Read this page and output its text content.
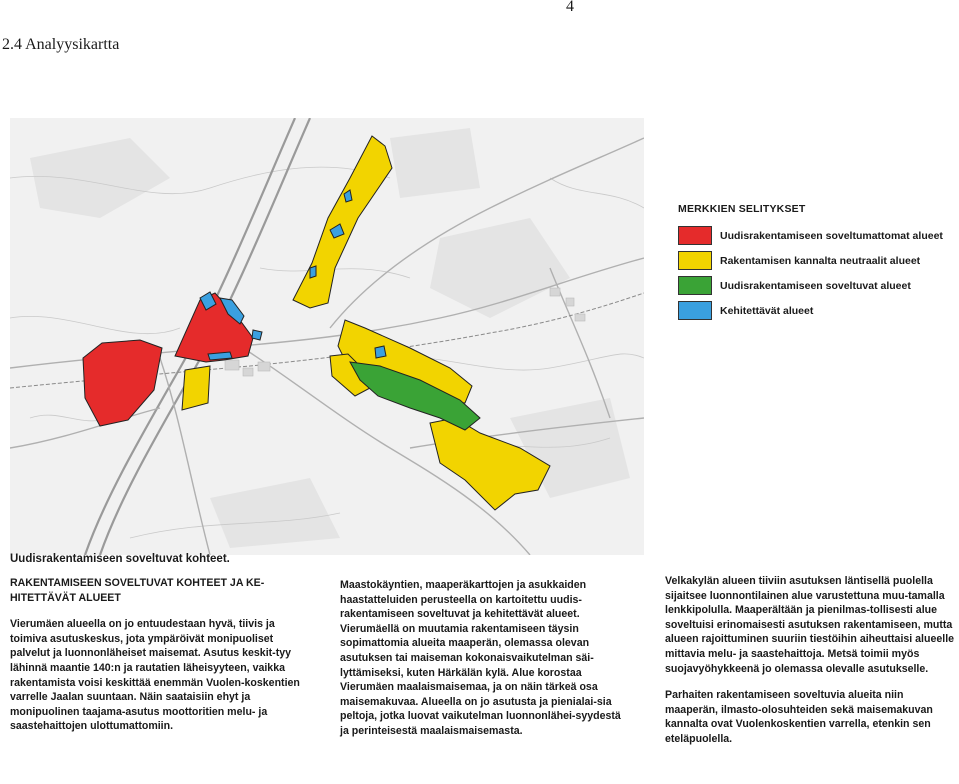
4
2.4 Analyysikartta
MERKKIEN SELITYKSET
Uudisrakentamiseen soveltumattomat alueet
Rakentamisen kannalta neutraalit alueet
Uudisrakentamiseen soveltuvat alueet
Kehitettävät alueet
Uudisrakentamiseen soveltuvat kohteet.

RAKENTAMISEEN SOVELTUVAT KOHTEET JA KE-HITETTÄVÄT ALUEET

Vierumäen alueella on jo entuudestaan hyvä, tiivis ja toimiva asutuskeskus, jota ympäröivät monipuoliset palvelut ja luonnonläheiset maisemat. Asutus keskit-tyy lähinnä maantie 140:n ja rautatien läheisyyteen, vaikka rakentamista voisi keskittää enemmän Vuolen-koskentien varrelle Jaalan suuntaan. Näin saataisiin ehyt ja monipuolinen taajama-asutus moottoritien melu- ja saastehaittojen ulottumattomiin.

Maastokäyntien, maaperäkarttojen ja asukkaiden haastatteluiden perusteella on kartoitettu uudis-rakentamiseen soveltuvat ja kehitettävät alueet. Vierumäellä on muutamia rakentamiseen täysin sopimattomia alueita maaperän, olemassa olevan asutuksen tai maiseman kokonaisvaikutelman säi-lyttämiseksi, kuten Härkälän kylä. Alue korostaa Vierumäen maalaismaisemaa, ja on näin tärkeä osa maisemakuvaa. Alueella on jo asutusta ja pienialai-sia peltoja, jotka luovat vaikutelman luonnonlähei-syydestä ja perinteisestä maalaismaisemasta.

Velkakylän alueen tiiviin asutuksen läntisellä puolella sijaitsee luonnontilainen alue varustettuna muu-tamalla lenkkipolulla. Maaperältään ja pienilmas-tollisesti alue soveltuisi erinomaisesti asutuksen rakentamiseen, mutta alueen rajoittuminen suuriin tiestöihin aiheuttaisi alueelle mittavia melu- ja saastehaittoja. Metsä toimii myös suojavyöhykkeenä jo olemassa olevalle asutukselle.

Parhaiten rakentamiseen soveltuvia alueita niin maaperän, ilmasto-olosuhteiden sekä maisemakuvan kannalta ovat Vuolenkoskentien varrella, etenkin sen eteläpuolella.
